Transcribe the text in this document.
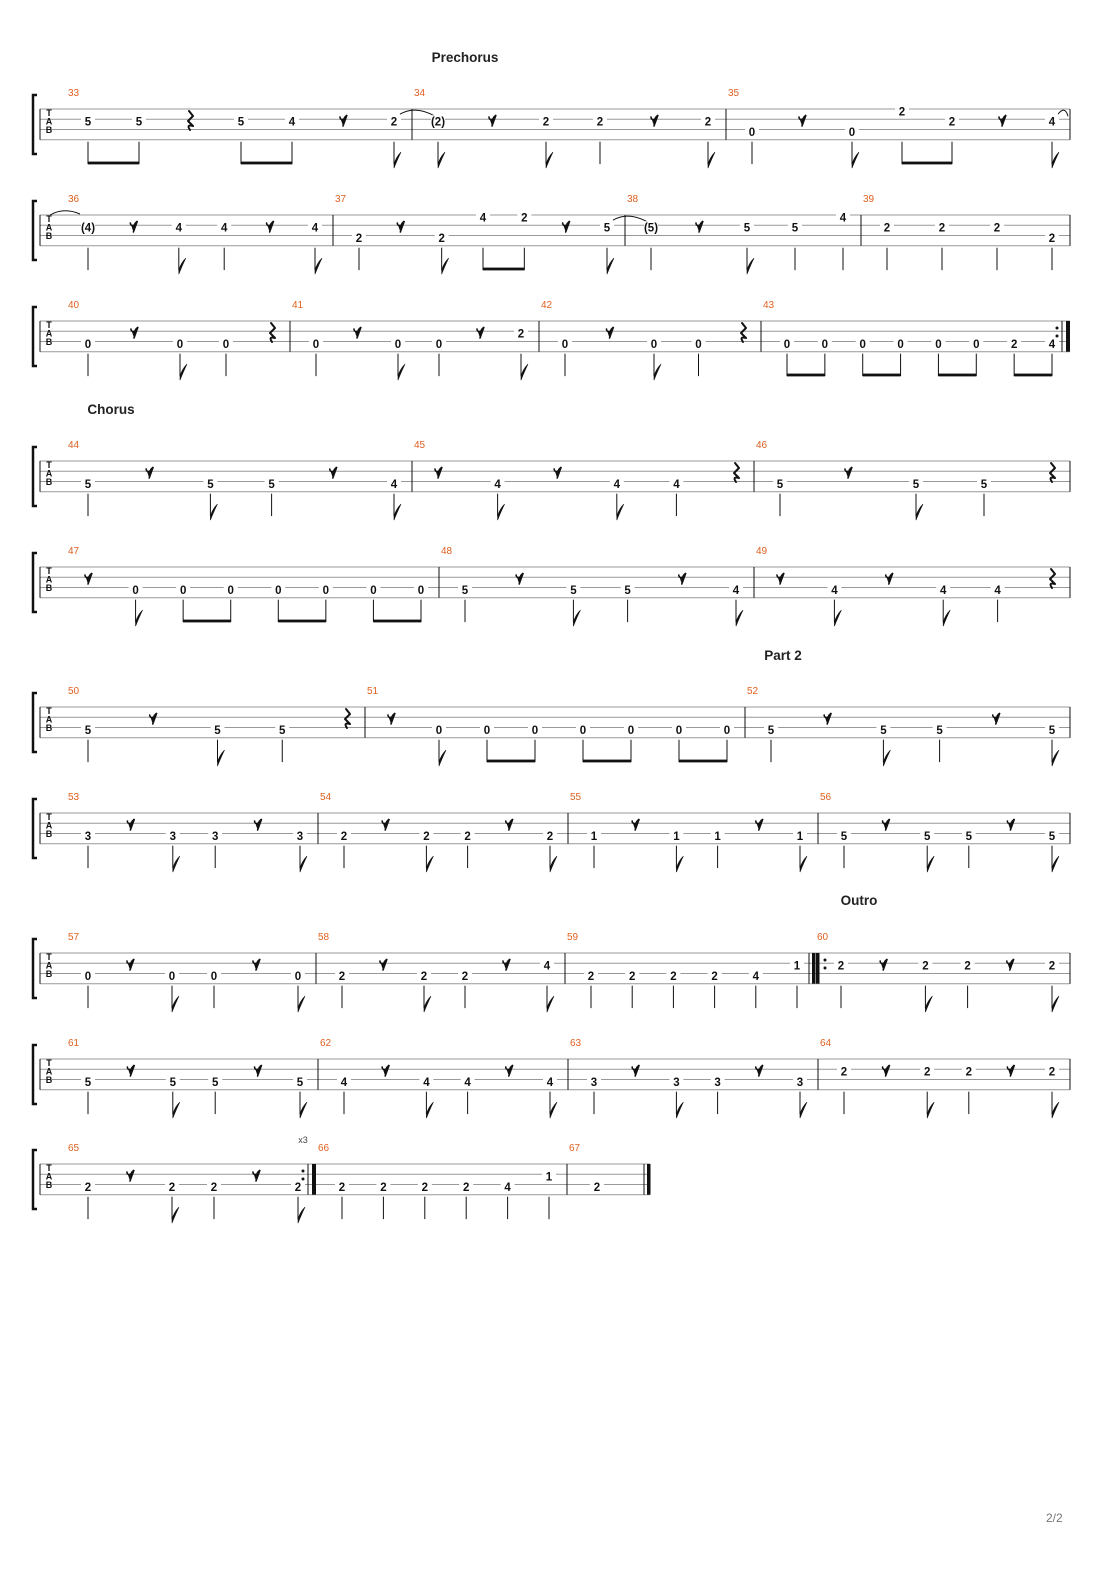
T
A
B
33
Prechorus
5	5	5	4	2
34
(2)	2	2	2
35
0	0
2
2	4
T
A
B
36
(4)	4	4	4
37
2	2
4	2
5
38
(5)	5	5
4
39
2	2	2
2
T
A
B
40
0	0	0
41
0	0	0
2
42
0	0	0
43
0	0	0	0	0	0	2	4
T
A
B
44
Chorus
5	5	5	4
45
4	4	4
46
5	5	5
T
A
B
47
0	0	0	0	0	0	0
48
5	5	5	4
49
4	4	4
T
A
B
50
5	5	5
51
0	0	0	0	0	0	0
52
Part 2
5	5	5	5
T
A
B
53
3	3	3	3
54
2	2	2	2
55
1	1	1	1
56
5	5	5	5
T
A
B
57
0	0	0	0
58
2	2	2
4
59
2	2	2	2	4
1
60
Outro
2	2	2	2
T
A
B
61
5	5	5	5
62
4	4	4	4
63
3	3	3	3
64
2	2	2	2
T
A
B
65
x3
2	2	2	2
66
2	2	2	2	4
1
67
2
2/2
